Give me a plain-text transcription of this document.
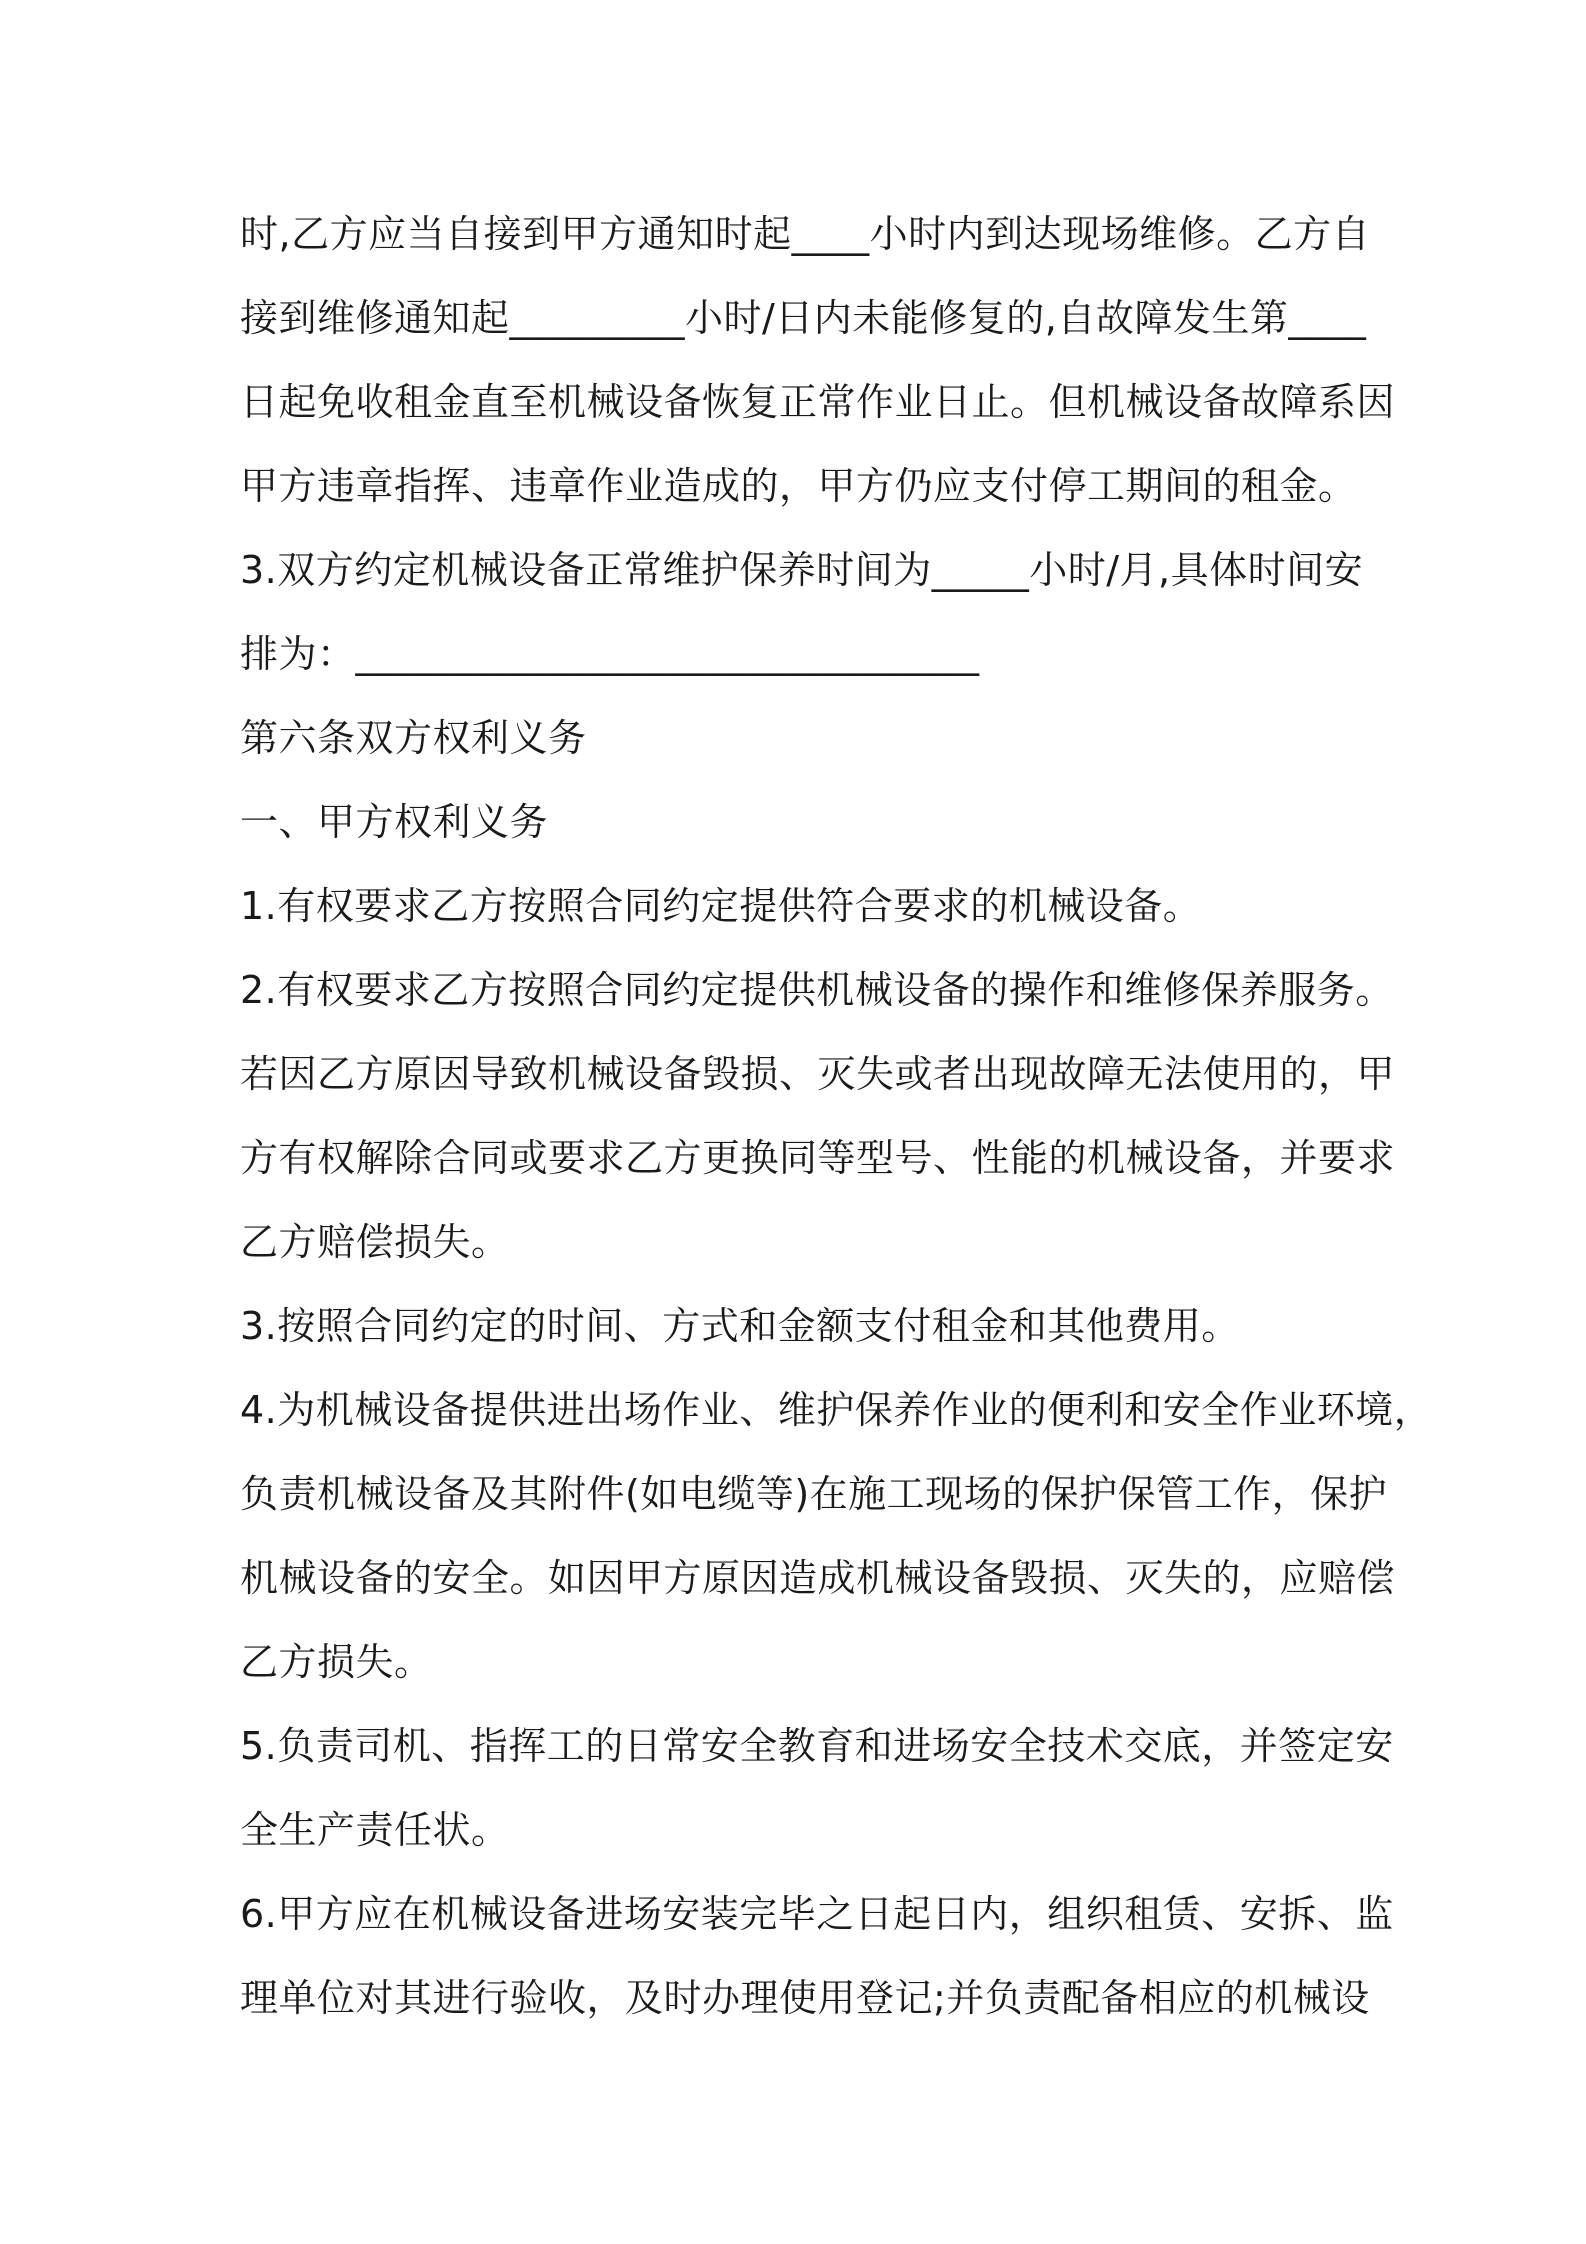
时,乙方应当自接到甲方通知时起____小时内到达现场维修。乙方自
接到维修通知起_________小时/日内未能修复的,自故障发生第____
日起免收租金直至机械设备恢复正常作业日止。但机械设备故障系因
甲方违章指挥、违章作业造成的，甲方仍应支付停工期间的租金。
3.双方约定机械设备正常维护保养时间为_____小时/月,具体时间安
排为：________________________________
第六条双方权利义务
一、甲方权利义务
1.有权要求乙方按照合同约定提供符合要求的机械设备。
2.有权要求乙方按照合同约定提供机械设备的操作和维修保养服务。
若因乙方原因导致机械设备毁损、灭失或者出现故障无法使用的，甲
方有权解除合同或要求乙方更换同等型号、性能的机械设备，并要求
乙方赔偿损失。
3.按照合同约定的时间、方式和金额支付租金和其他费用。
4.为机械设备提供进出场作业、维护保养作业的便利和安全作业环境，
负责机械设备及其附件(如电缆等)在施工现场的保护保管工作，保护
机械设备的安全。如因甲方原因造成机械设备毁损、灭失的，应赔偿
乙方损失。
5.负责司机、指挥工的日常安全教育和进场安全技术交底，并签定安
全生产责任状。
6.甲方应在机械设备进场安装完毕之日起日内，组织租赁、安拆、监
理单位对其进行验收，及时办理使用登记;并负责配备相应的机械设
